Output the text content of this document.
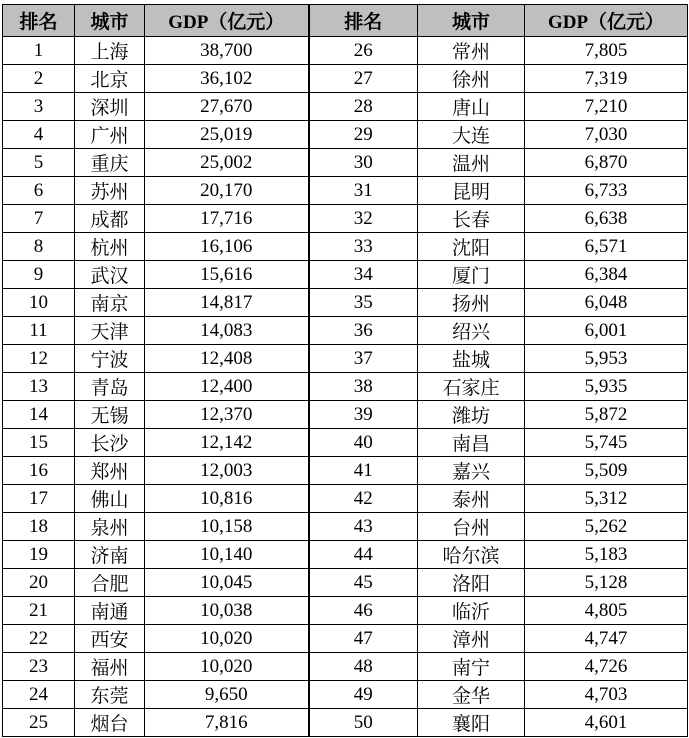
排名	城市	GDP（亿元）	排名	城市	GDP（亿元）
1	上海	38,700	26	常州	7,805
2	北京	36,102	27	徐州	7,319
3	深圳	27,670	28	唐山	7,210
4	广州	25,019	29	大连	7,030
5	重庆	25,002	30	温州	6,870
6	苏州	20,170	31	昆明	6,733
7	成都	17,716	32	长春	6,638
8	杭州	16,106	33	沈阳	6,571
9	武汉	15,616	34	厦门	6,384
10	南京	14,817	35	扬州	6,048
11	天津	14,083	36	绍兴	6,001
12	宁波	12,408	37	盐城	5,953
13	青岛	12,400	38	石家庄	5,935
14	无锡	12,370	39	潍坊	5,872
15	长沙	12,142	40	南昌	5,745
16	郑州	12,003	41	嘉兴	5,509
17	佛山	10,816	42	泰州	5,312
18	泉州	10,158	43	台州	5,262
19	济南	10,140	44	哈尔滨	5,183
20	合肥	10,045	45	洛阳	5,128
21	南通	10,038	46	临沂	4,805
22	西安	10,020	47	漳州	4,747
23	福州	10,020	48	南宁	4,726
24	东莞	9,650	49	金华	4,703
25	烟台	7,816	50	襄阳	4,601
